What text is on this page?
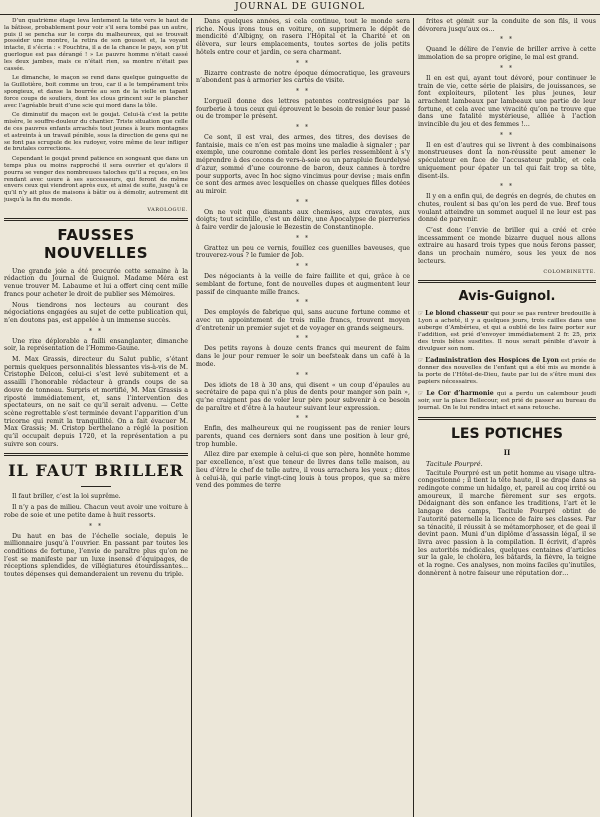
JOURNAL DE GUIGNOL

D’un quatrième étage leva lentement la tête vers le haut de la bâtisse, probablement pour voir s’il sera tombé pas un autre, puis il se pencha sur le corps du malheureux, qui se trouvait posséder une montre, la retira de son gousset et, la voyant intacte, il s’écria : « Fouchtra, il a de la chance le pays, son p’tit guerlogue est pas dérangé ! » Le pauvre homme n’était cassé les deux jambes, mais ce n’était rien, sa montre n’était pas cassée.

Le dimanche, le maçon se rend dans quelque guinguette de la Guillotière, boit comme un trou, car il a le tempérament très spongieux, et danse la bourrée au son de la vielle en tapant force coups de souliers, dont les clous grincent sur le plancher avec l’agréable bruit d’une scie qui mord dans la tôle.

Ce diminutif du maçon est le goujat. Celui-là c’est la petite misère, le souffre-douleur du chantier. Triste situation que celle de ces pauvres enfants arrachés tout jeunes à leurs montagnes et astreints à un travail pénible, sous la direction de gens qui ne se font pas scrupule de les rudoyer, voire même de leur infliger de brutales corrections.

Cependant le goujat prend patience en songeant que dans un temps plus ou moins rapproché il sera ouvrier et qu’alors il pourra se venger des nombreuses taloches qu’il a reçues, en les rendant avec usure à ses successeurs, qui feront de même envers ceux qui viendront après eux, et ainsi de suite, jusqu’à ce qu’il n’y ait plus de maisons à bâtir ou à démolir, autrement dit jusqu’à la fin du monde.

VAROLOGUE.
FAUSSES NOUVELLES

Une grande joie a été procurée cette semaine à la rédaction du Journal de Guignol. Madame Méra est venue trouver M. Labaume et lui a offert cinq cent mille francs pour acheter le droit de publier ses Mémoires.

Nous tiendrons nos lecteurs au courant des négociations engagées au sujet de cette publication qui, n’en doutons pas, est appelée à un immense succès.

* *

Une rixe déplorable a failli ensanglanter, dimanche soir, la représentation de l’Homme-Gaune.

M. Max Grassis, directeur du Salut public, s’étant permis quelques personnalités blessantes vis-à-vis de M. Cristophe Delcon, celui-ci s’est levé subitement et a assailli l’honorable rédacteur à grands coups de sa douve de tonneau. Surpris et mortifié, M. Max Grassis a riposté immédiatement, et, sans l’intervention des spectateurs, on ne sait ce qu’il serait advenu. — Cette scène regrettable s’est terminée devant l’apparition d’un tricorne qui remit la tranquillité. On a fait évacuer M. Max Grassis; M. Cristop berthelano a réglé la position qu’il occupait depuis 1720, et la représentation a pu suivre son cours.

IL FAUT BRILLER

Il faut briller, c’est la loi suprême.

Il n’y a pas de milieu. Chacun veut avoir une voiture à robe de soie et une petite dame à huit ressorts.

* *

Du haut en bas de l’échelle sociale, depuis le millionnaire jusqu’à l’ouvrier. En passant par toutes les conditions de fortune, l’envie de paraître plus qu’on ne l’est se manifeste par un luxe insensé d’équipages, de réceptions splendides, de villégiatures étourdissantes… toutes dépenses qui demanderaient un revenu du triple.

Dans quelques années, si cela continue, tout le monde sera riche. Nous irons tous en voiture, on supprimera le dépôt de mendicité d’Albigny, on rasera l’Hôpital et la Charité et on élèvera, sur leurs emplacements, toutes sortes de jolis petits hôtels entre cour et jardin, ce sera charmant.

* *

Bizarre contraste de notre époque démocratique, les graveurs n’abondent pas à armorier les cartes de visite.

* *

L’orgueil donne des lettres patentes contresignées par la fourberie à tous ceux qui éprouvent le besoin de renier leur passé ou de tromper le présent.

* *

Ce sont, il est vrai, des armes, des titres, des devises de fantaisie, mais ce n’en est pas moins une maladie à signaler ; par exemple, une couronne comtale dont les perles ressemblent à s’y méprendre à des cocons de vers-à-soie ou un parapluie fleurdelysé d’azur, sommé d’une couronne de baron, deux cannes à tordre pour supports, avec In hoc signo vincimus pour devise ; mais enfin ce sont des armes avec lesquelles on chasse quelques filles dotées au miroir.

* *

On ne voit que diamants aux chemises, aux cravates, aux doigts; tout scintille, c’est un délire, une Apocalypse de pierreries à faire verdir de jalousie le Bezestin de Constantinople.

* *

Grattez un peu ce vernis, fouillez ces guenilles baveuses, que trouverez-vous ? le fumier de Job.

* *

Des négociants à la veille de faire faillite et qui, grâce à ce semblant de fortune, font de nouvelles dupes et augmentent leur passif de cinquante mille francs.

* *

Des employés de fabrique qui, sans aucune fortune comme et avec un appointement de trois mille francs, trouvent moyen d’entretenir un premier sujet et de voyager en grands seigneurs.

* *

Des petits rayons à douze cents francs qui meurent de faim dans le jour pour remuer le soir un beefsteak dans un café à la mode.

* *

Des idiots de 18 à 30 ans, qui disent « un coup d’épaules au secrétaire de papa qui n’a plus de dents pour manger son pain », qu’ne craignent pas de voler leur père pour subvenir à ce besoin de paraître et d’être à la hauteur suivant leur expression.

* *

Enfin, des malheureux qui ne rougissent pas de renier leurs parents, quand ces derniers sont dans une position à leur gré, trop humble.

Allez dire par exemple à celui-ci que son père, honnête homme par excellence, n’est que teneur de livres dans telle maison, au lieu d’être le chef de telle autre, il vous arrachera les yeux ; dites à celui-là, qui parle vingt-cinq louis à tous propos, que sa mère vend des pommes de terre

frites et gémit sur la conduite de son fils, il vous dévorera jusqu’aux os…

* *

Quand le délire de l’envie de briller arrive à cette immolation de sa propre origine, le mal est grand.

* *

Il en est qui, ayant tout dévoré, pour continuer le train de vie, cette série de plaisirs, de jouissances, se font exploiteurs, pilotent les plus jeunes, leur arrachent lambeaux par lambeaux une partie de leur fortune, et cela avec une vivacité qu’on ne trouve que dans une fatalité mystérieuse, alliée à l’action invincible du jeu et des femmes !…

* *

Il en est d’autres qui se livrent à des combinaisons monstrueuses dont la non-réussite peut amener le spéculateur en face de l’accusateur public, et cela uniquement pour épater un tel qui fait trop sa tête, disent-ils.

* *

Il y en a enfin qui, de degrés en degrés, de chutes en chutes, roulent si bas qu’on les perd de vue. Bref tous voulant atteindre un sommet auquel il ne leur est pas donné de parvenir.

C’est donc l’envie de briller qui a créé et crée incessamment ce monde bizarre duquel nous allons extraire au hasard trois types que nous ferons passer, dans un prochain numéro, sous les yeux de nos lecteurs.

COLOMBINETTE.
Avis-Guignol.
☞ Le blond chasseur qui pour se pas rentrer bredouille à Lyon a acheté, il y a quelques jours, trois cailles dans une auberge d’Ambérieu, et qui a oublié de les faire porter sur l’addition, est prié d’envoyer immédiatement 2 fr. 25, prix des trois bêtes susdites. Il nous serait pénible d’avoir à divulguer son nom.
☞ L’administration des Hospices de Lyon est priée de donner des nouvelles de l’enfant qui a été mis au monde à la porte de l’Hôtel-de-Dieu, faute par lui de s’être muni des papiers nécessaires.
☞ Le Cor d’harmonie qui a perdu un calembour jeudi soir, sur la place Bellecour, est prié de passer au bureau du journal. On le lui rendra intact et sans retouche.
LES POTICHES
II
Tacitule Pourpré.

Tacitule Pourpré est un petit homme au visage ultra-congestionné ; il tient la tête haute, il se drape dans sa redingote comme un hidalgo, et, pareil au coq irrité ou amoureux, il marche fièrement sur ses ergots. Dédaignant dès son enfance les traditions, l’art et le langage des camps, Tacitule Pourpré obtint de l’autorité paternelle la licence de faire ses classes. Par sa ténacité, il réussit à se métamorphoser, et de geai il devint paon. Muni d’un diplôme d’assassin légal, il se livra avec passion à la compilation. Il écrivit, d’après les autorités médicales, quelques centaines d’articles sur la gale, le choléra, les bâtards, la fièvre, la teigne et la rogne. Ces analyses, non moins faciles qu’inutiles, donnèrent à notre faiseur une réputation dor…
